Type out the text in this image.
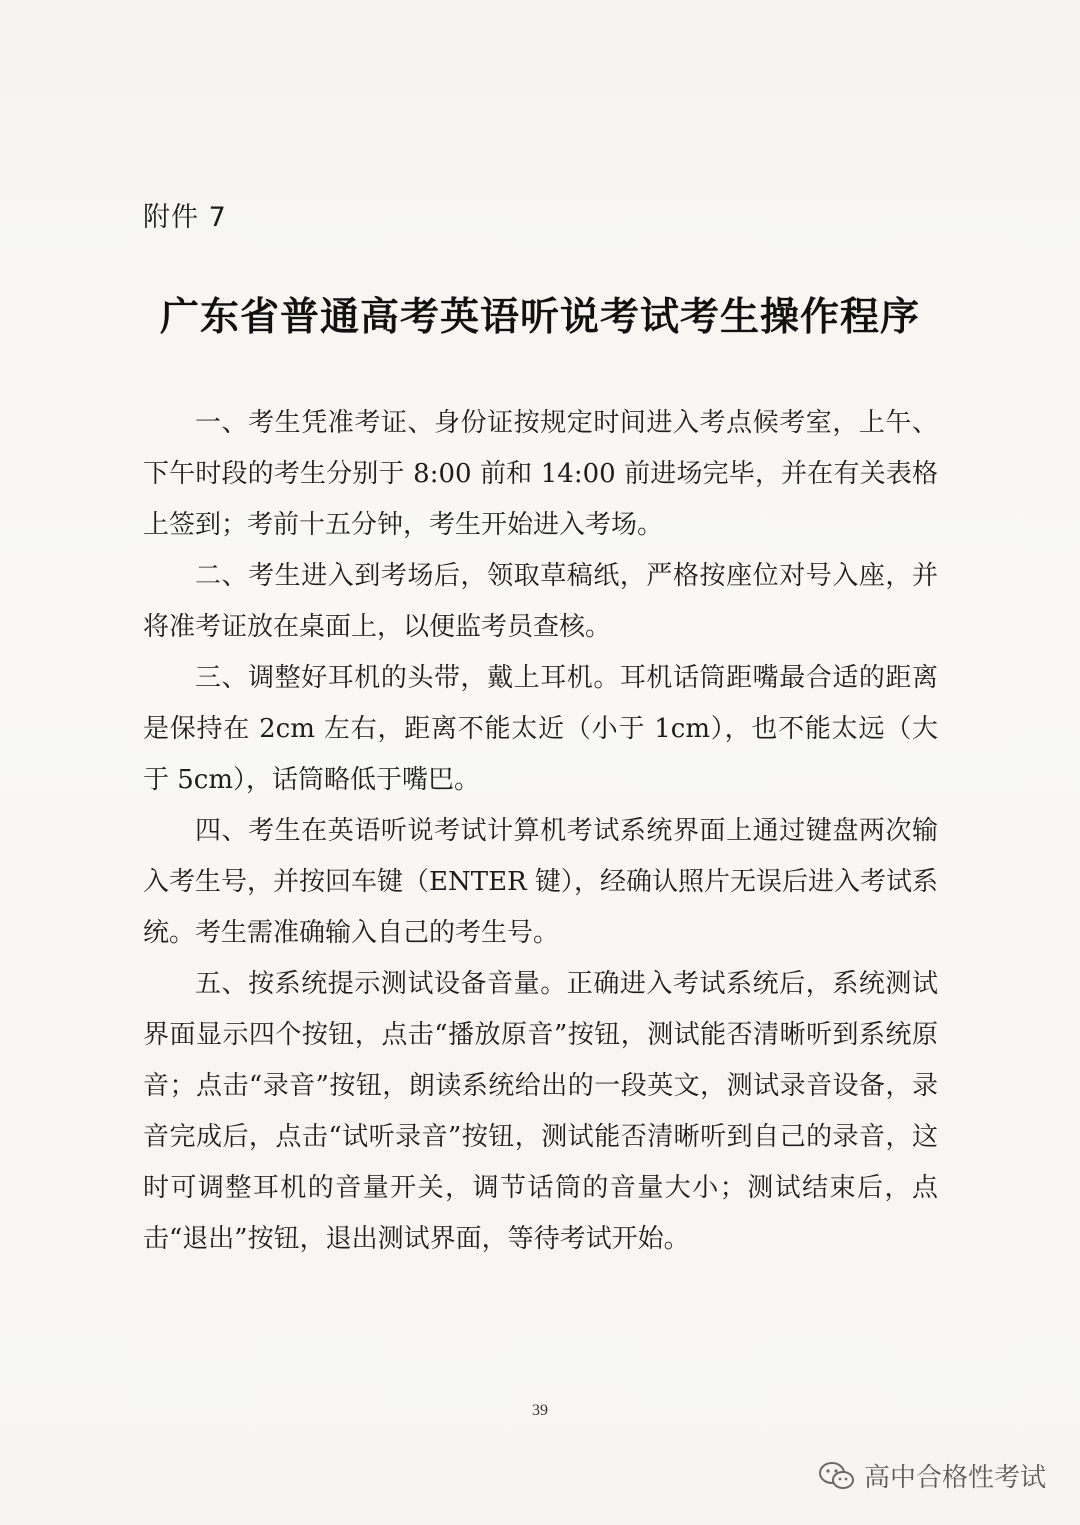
附件 7
广东省普通高考英语听说考试考生操作程序

一、考生凭准考证、身份证按规定时间进入考点候考室，上午、下午时段的考生分别于 8:00 前和 14:00 前进场完毕，并在有关表格上签到；考前十五分钟，考生开始进入考场。

二、考生进入到考场后，领取草稿纸，严格按座位对号入座，并将准考证放在桌面上，以便监考员查核。

三、调整好耳机的头带，戴上耳机。耳机话筒距嘴最合适的距离是保持在 2cm 左右，距离不能太近（小于 1cm），也不能太远（大于 5cm），话筒略低于嘴巴。

四、考生在英语听说考试计算机考试系统界面上通过键盘两次输入考生号，并按回车键（ENTER 键），经确认照片无误后进入考试系统。考生需准确输入自己的考生号。

五、按系统提示测试设备音量。正确进入考试系统后，系统测试界面显示四个按钮，点击“播放原音”按钮，测试能否清晰听到系统原音；点击“录音”按钮，朗读系统给出的一段英文，测试录音设备，录音完成后，点击“试听录音”按钮，测试能否清晰听到自己的录音，这时可调整耳机的音量开关，调节话筒的音量大小；测试结束后，点击“退出”按钮，退出测试界面，等待考试开始。

39
高中合格性考试
